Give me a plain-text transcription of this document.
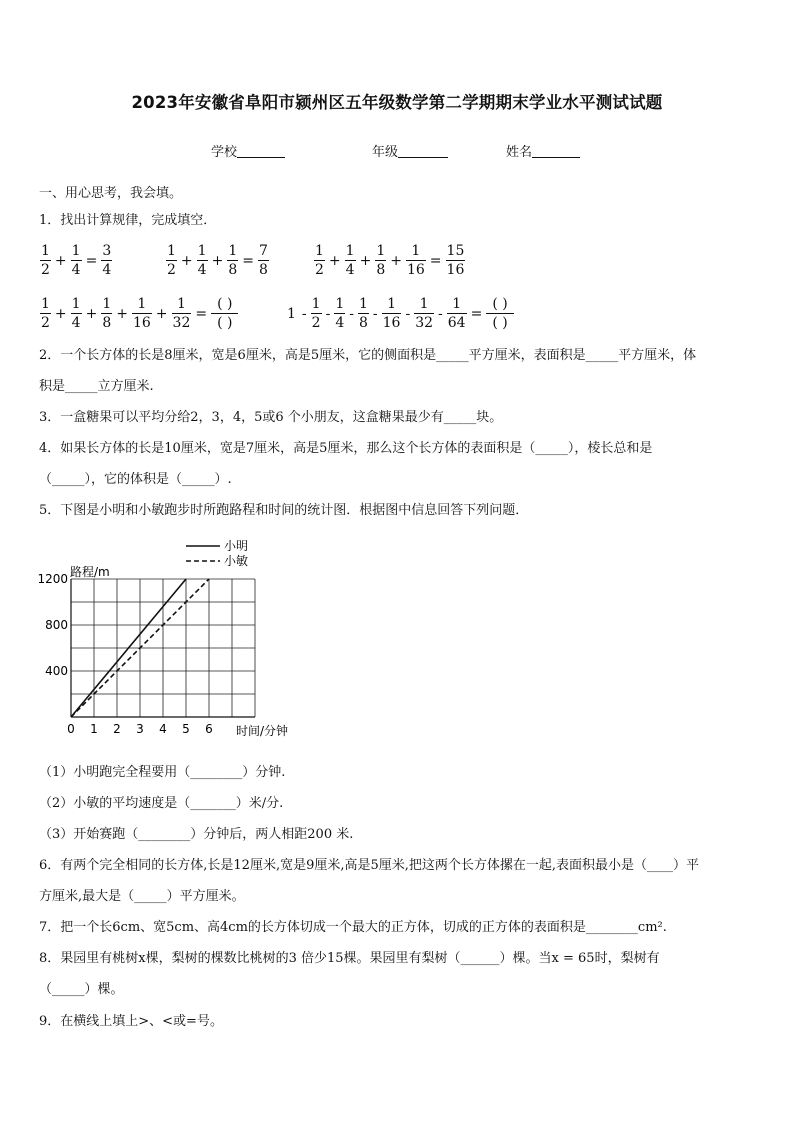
2023年安徽省阜阳市颍州区五年级数学第二学期期末学业水平测试试题
学校	年级	姓名
一、用心思考，我会填。
1．找出计算规律，完成填空．
$\frac{1}{2} + \frac{1}{4} = \frac{3}{4}$	$\frac{1}{2} + \frac{1}{4} + \frac{1}{8} = \frac{7}{8}$	$\frac{1}{2} + \frac{1}{4} + \frac{1}{8} + \frac{1}{16} = \frac{15}{16}$
$\frac{1}{2} + \frac{1}{4} + \frac{1}{8} + \frac{1}{16} + \frac{1}{32}$ =
( )
( )
$1 - \frac{1}{2} - \frac{1}{4} - \frac{1}{8} - \frac{1}{16} - \frac{1}{32} - \frac{1}{64}$ =
( )
( )
2．一个长方体的长是8厘米，宽是6厘米，高是5厘米，它的侧面积是_____平方厘米，表面积是_____平方厘米，体
积是_____立方厘米.
3．一盒糖果可以平均分给2，3，4，5或6 个小朋友，这盒糖果最少有_____块。
4．如果长方体的长是10厘米，宽是7厘米，高是5厘米，那么这个长方体的表面积是（_____），棱长总和是
（_____），它的体积是（_____）.
5．下图是小明和小敏跑步时所跑路程和时间的统计图．根据图中信息回答下列问题．
0 1 2 3 4 5 6
400
800
1200 路程/m
时间/分钟
小明
小敏
（1）小明跑完全程要用（________）分钟.
（2）小敏的平均速度是（_______）米/分.
（3）开始赛跑（________）分钟后，两人相距200 米.
6．有两个完全相同的长方体,长是12厘米,宽是9厘米,高是5厘米,把这两个长方体摞在一起,表面积最小是（____）平
方厘米,最大是（_____）平方厘米。
7．把一个长6cm、宽5cm、高4cm的长方体切成一个最大的正方体，切成的正方体的表面积是________cm².
8．果园里有桃树x棵，梨树的棵数比桃树的3 倍少15棵。果园里有梨树（______）棵。当x = 65时，梨树有
（_____）棵。
9．在横线上填上>、<或=号。
